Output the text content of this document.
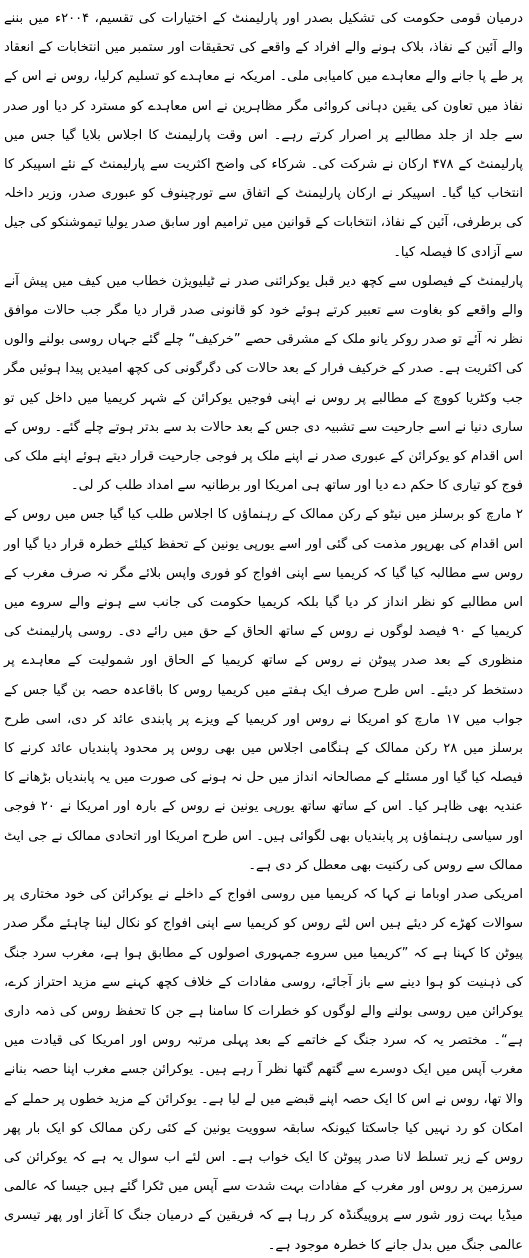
درمیان قومی حکومت کی تشکیل بصدر اور پارلیمنٹ کے اختیارات کی تقسیم، ۲۰۰۴ء میں بننے والے آئین کے نفاذ، بلاک ہونے والے افراد کے واقعے کی تحقیقات اور ستمبر میں انتخابات کے انعقاد پر طے پا جانے والے معاہدے میں کامیابی ملی۔ امریکہ نے معاہدے کو تسلیم کرلیا، روس نے اس کے نفاذ میں تعاون کی یقین دہانی کروائی مگر مظاہرین نے اس معاہدے کو مسترد کر دیا اور صدر سے جلد از جلد مطالبے پر اصرار کرتے رہے۔ اس وقت پارلیمنٹ کا اجلاس بلایا گیا جس میں پارلیمنٹ کے ۴۷۸ ارکان نے شرکت کی۔ شرکاء کی واضح اکثریت سے پارلیمنٹ کے نئے اسپیکر کا انتخاب کیا گیا۔ اسپیکر نے ارکان پارلیمنٹ کے اتفاق سے تورچینوف کو عبوری صدر، وزیر داخلہ کی برطرفی، آئین کے نفاذ، انتخابات کے قوانین میں ترامیم اور سابق صدر یولیا تیموشنکو کی جیل سے آزادی کا فیصلہ کیا۔

پارلیمنٹ کے فیصلوں سے کچھ دیر قبل یوکرائنی صدر نے ٹیلیویژن خطاب میں کیف میں پیش آنے والے واقعے کو بغاوت سے تعبیر کرتے ہوئے خود کو قانونی صدر قرار دیا مگر جب حالات موافق نظر نہ آئے تو صدر روکر یانو ملک کے مشرقی حصے ”خرکیف“ چلے گئے جہاں روسی بولنے والوں کی اکثریت ہے۔ صدر کے خرکیف فرار کے بعد حالات کی دگرگونی کی کچھ امیدیں پیدا ہوئیں مگر جب وکٹریا کووچ کے مطالبے پر روس نے اپنی فوجیں یوکرائن کے شہر کریمیا میں داخل کیں تو ساری دنیا نے اسے جارحیت سے تشبیہ دی جس کے بعد حالات بد سے بدتر ہوتے چلے گئے۔ روس کے اس اقدام کو یوکرائن کے عبوری صدر نے اپنے ملک پر فوجی جارحیت قرار دیتے ہوئے اپنے ملک کی فوج کو تیاری کا حکم دے دیا اور ساتھ ہی امریکا اور برطانیہ سے امداد طلب کر لی۔

۲ مارچ کو برسلز میں نیٹو کے رکن ممالک کے رہنماؤں کا اجلاس طلب کیا گیا جس میں روس کے اس اقدام کی بھرپور مذمت کی گئی اور اسے یورپی یونین کے تحفظ کیلئے خطرہ قرار دیا گیا اور روس سے مطالبہ کیا گیا کہ کریمیا سے اپنی افواج کو فوری واپس بلائے مگر نہ صرف مغرب کے اس مطالبے کو نظر انداز کر دیا گیا بلکہ کریمیا حکومت کی جانب سے ہونے والے سروے میں کریمیا کے ۹۰ فیصد لوگوں نے روس کے ساتھ الحاق کے حق میں رائے دی۔ روسی پارلیمنٹ کی منظوری کے بعد صدر پیوٹن نے روس کے ساتھ کریمیا کے الحاق اور شمولیت کے معاہدے پر دستخط کر دیئے۔ اس طرح صرف ایک ہفتے میں کریمیا روس کا باقاعدہ حصہ بن گیا جس کے جواب میں ۱۷ مارچ کو امریکا نے روس اور کریمیا کے ویزے پر پابندی عائد کر دی، اسی طرح برسلز میں ۲۸ رکن ممالک کے ہنگامی اجلاس میں بھی روس پر محدود پابندیاں عائد کرنے کا فیصلہ کیا گیا اور مسئلے کے مصالحانہ انداز میں حل نہ ہونے کی صورت میں یہ پابندیاں بڑھانے کا عندیہ بھی ظاہر کیا۔ اس کے ساتھ ساتھ یورپی یونین نے روس کے بارہ اور امریکا نے ۲۰ فوجی اور سیاسی رہنماؤں پر پابندیاں بھی لگوائی ہیں۔ اس طرح امریکا اور اتحادی ممالک نے جی ایٹ ممالک سے روس کی رکنیت بھی معطل کر دی ہے۔

امریکی صدر اوباما نے کہا کہ کریمیا میں روسی افواج کے داخلے نے یوکرائن کی خود مختاری پر سوالات کھڑے کر دیئے ہیں اس لئے روس کو کریمیا سے اپنی افواج کو نکال لینا چاہئے مگر صدر پیوٹن کا کہنا ہے کہ ”کریمیا میں سروے جمہوری اصولوں کے مطابق ہوا ہے، مغرب سرد جنگ کی ذہنیت کو ہوا دینے سے باز آجائے، روسی مفادات کے خلاف کچھ کہنے سے مزید احتراز کرے، یوکرائن میں روسی بولنے والے لوگوں کو خطرات کا سامنا ہے جن کا تحفظ روس کی ذمہ داری ہے“۔ مختصر یہ کہ سرد جنگ کے خاتمے کے بعد پہلی مرتبہ روس اور امریکا کی قیادت میں مغرب آپس میں ایک دوسرے سے گتھم گتھا نظر آ رہے ہیں۔ یوکرائن جسے مغرب اپنا حصہ بنانے والا تھا، روس نے اس کا ایک حصہ اپنے قبضے میں لے لیا ہے۔ یوکرائن کے مزید خطوں پر حملے کے امکان کو رد نہیں کیا جاسکتا کیونکہ سابقہ سوویت یونین کے کئی رکن ممالک کو ایک بار پھر روس کے زیر تسلط لانا صدر پیوٹن کا ایک خواب ہے۔ اس لئے اب سوال یہ ہے کہ یوکرائن کی سرزمین پر روس اور مغرب کے مفادات بہت شدت سے آپس میں ٹکرا گئے ہیں جیسا کہ عالمی میڈیا بہت زور شور سے پروپیگنڈہ کر رہا ہے کہ فریقین کے درمیان جنگ کا آغاز اور پھر تیسری عالمی جنگ میں بدل جانے کا خطرہ موجود ہے۔
